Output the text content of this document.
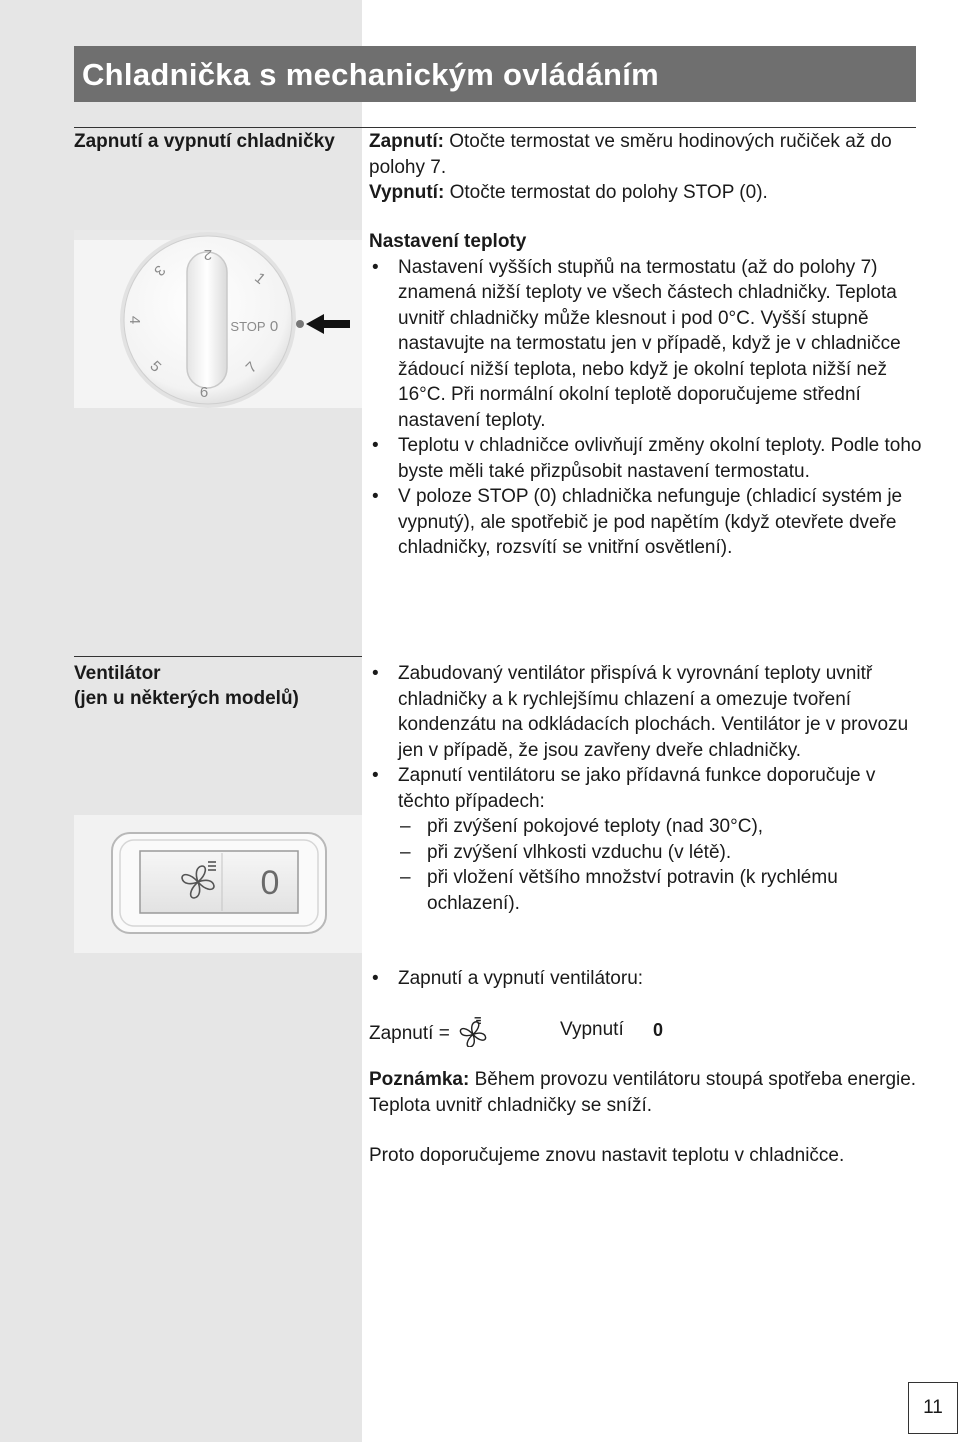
Chladnička s mechanickým ovládáním
Zapnutí a vypnutí chladničky Zapnutí: Otočte termostat ve směru hodinových ručiček až do polohy 7.
Vypnutí: Otočte termostat do polohy STOP (0).
1
2
3
4
5
6
7
STOP 0
Nastavení teploty
• Nastavení vyšších stupňů na termostatu (až do polohy 7) znamená nižší teploty ve všech částech chladničky. Teplota uvnitř chladničky může klesnout i pod 0°C. Vyšší stupně nastavujte na termostatu jen v případě, když je v chladničce žádoucí nižší teplota, nebo když je okolní teplota nižší než 16°C. Při normální okolní teplotě doporučujeme střední nastavení teploty.
• Teplotu v chladničce ovlivňují změny okolní teploty. Podle toho byste měli také přizpůsobit nastavení termostatu.
• V poloze STOP (0) chladnička nefunguje (chladicí systém je vypnutý), ale spotřebič je pod napětím (když otevřete dveře chladničky, rozsvítí se vnitřní osvětlení).
Ventilátor
(jen u některých modelů)
0
• Zabudovaný ventilátor přispívá k vyrovnání teploty uvnitř chladničky a k rychlejšímu chlazení a omezuje tvoření kondenzátu na odkládacích plochách. Ventilátor je v provozu jen v případě, že jsou zavřeny dveře chladničky.
• Zapnutí ventilátoru se jako přídavná funkce doporučuje v těchto případech:
– při zvýšení pokojové teploty (nad 30°C),
– při zvýšení vlhkosti vzduchu (v létě).
– při vložení většího množství potravin (k rychlému ochlazení).
• Zapnutí a vypnutí ventilátoru:
Zapnutí =	Vypnutí 0
Poznámka: Během provozu ventilátoru stoupá spotřeba energie. Teplota uvnitř chladničky se sníží.
Proto doporučujeme znovu nastavit teplotu v chladničce.
11
